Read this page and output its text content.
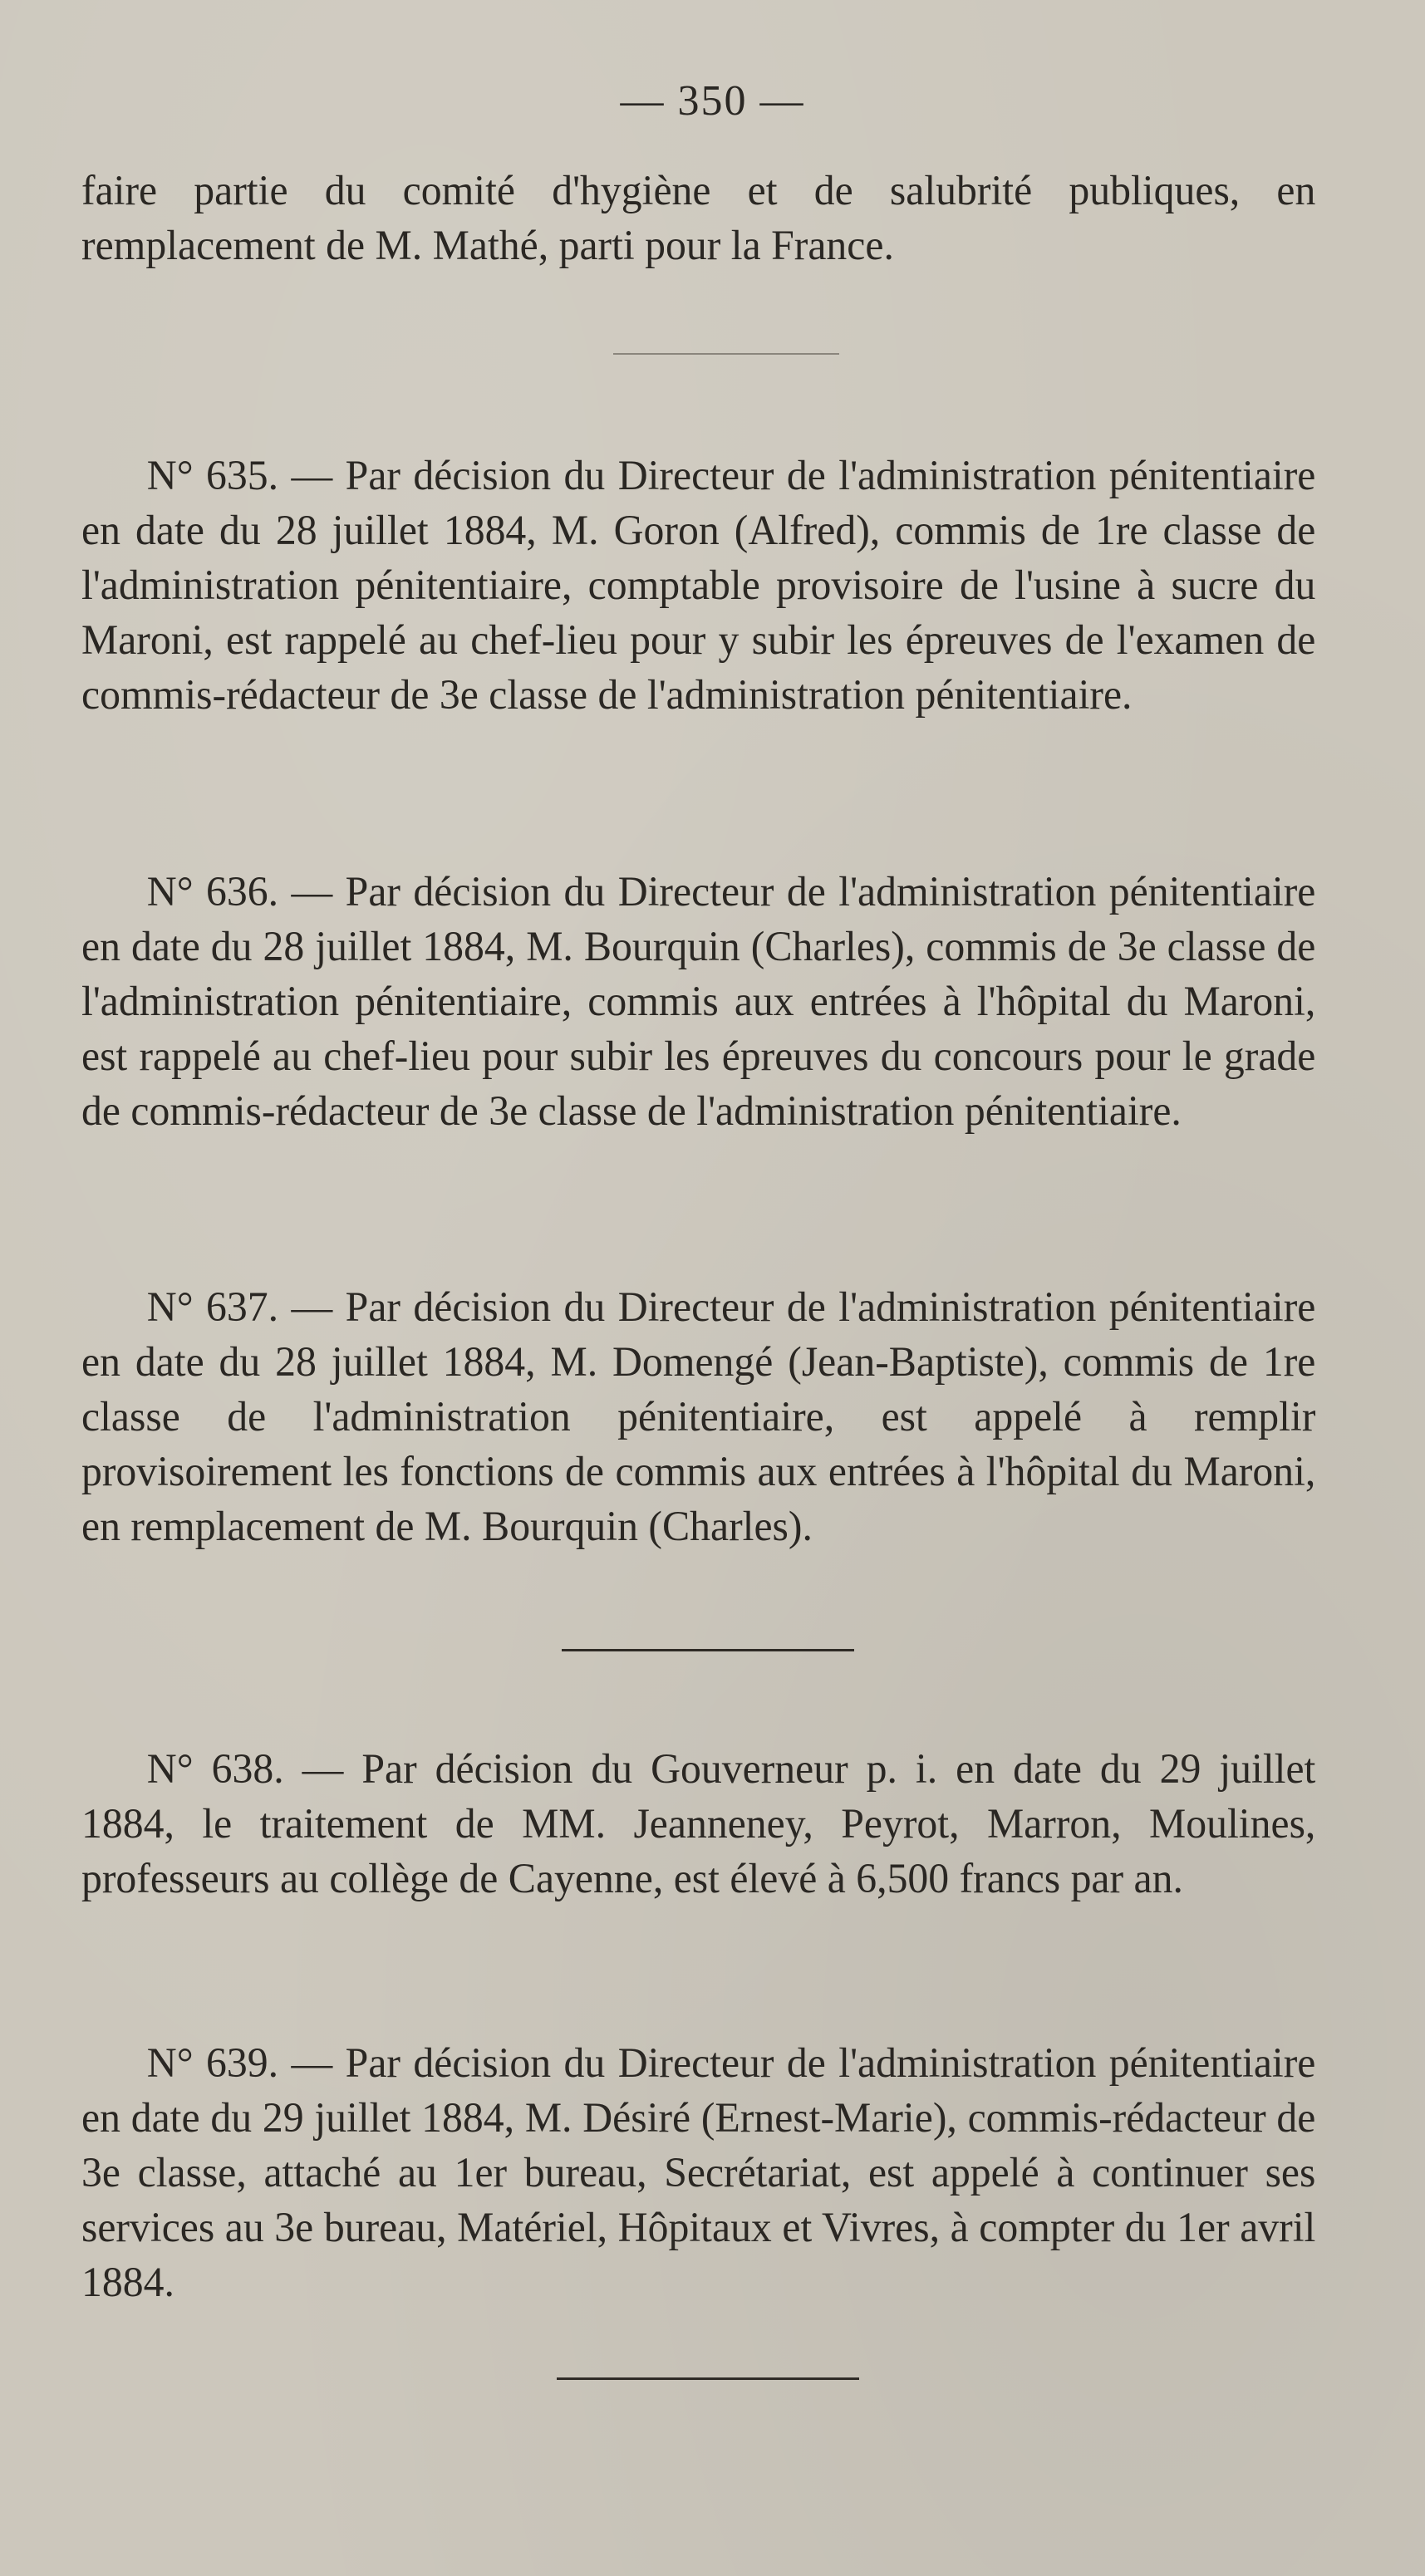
— 350 —

faire partie du comité d'hygiène et de salubrité publiques, en remplacement de M. Mathé, parti pour la France.

N° 635. — Par décision du Directeur de l'administration pénitentiaire en date du 28 juillet 1884, M. Goron (Alfred), commis de 1re classe de l'administration pénitentiaire, comptable provisoire de l'usine à sucre du Maroni, est rappelé au chef-lieu pour y subir les épreuves de l'examen de commis-rédacteur de 3e classe de l'administration pénitentiaire.

N° 636. — Par décision du Directeur de l'administration pénitentiaire en date du 28 juillet 1884, M. Bourquin (Charles), commis de 3e classe de l'administration pénitentiaire, commis aux entrées à l'hôpital du Maroni, est rappelé au chef-lieu pour subir les épreuves du concours pour le grade de commis-rédacteur de 3e classe de l'administration pénitentiaire.

N° 637. — Par décision du Directeur de l'administration pénitentiaire en date du 28 juillet 1884, M. Domengé (Jean-Baptiste), commis de 1re classe de l'administration pénitentiaire, est appelé à remplir provisoirement les fonctions de commis aux entrées à l'hôpital du Maroni, en remplacement de M. Bourquin (Charles).

N° 638. — Par décision du Gouverneur p. i. en date du 29 juillet 1884, le traitement de MM. Jeanneney, Peyrot, Marron, Moulines, professeurs au collège de Cayenne, est élevé à 6,500 francs par an.

N° 639. — Par décision du Directeur de l'administration pénitentiaire en date du 29 juillet 1884, M. Désiré (Ernest-Marie), commis-rédacteur de 3e classe, attaché au 1er bureau, Secrétariat, est appelé à continuer ses services au 3e bureau, Matériel, Hôpitaux et Vivres, à compter du 1er avril 1884.
